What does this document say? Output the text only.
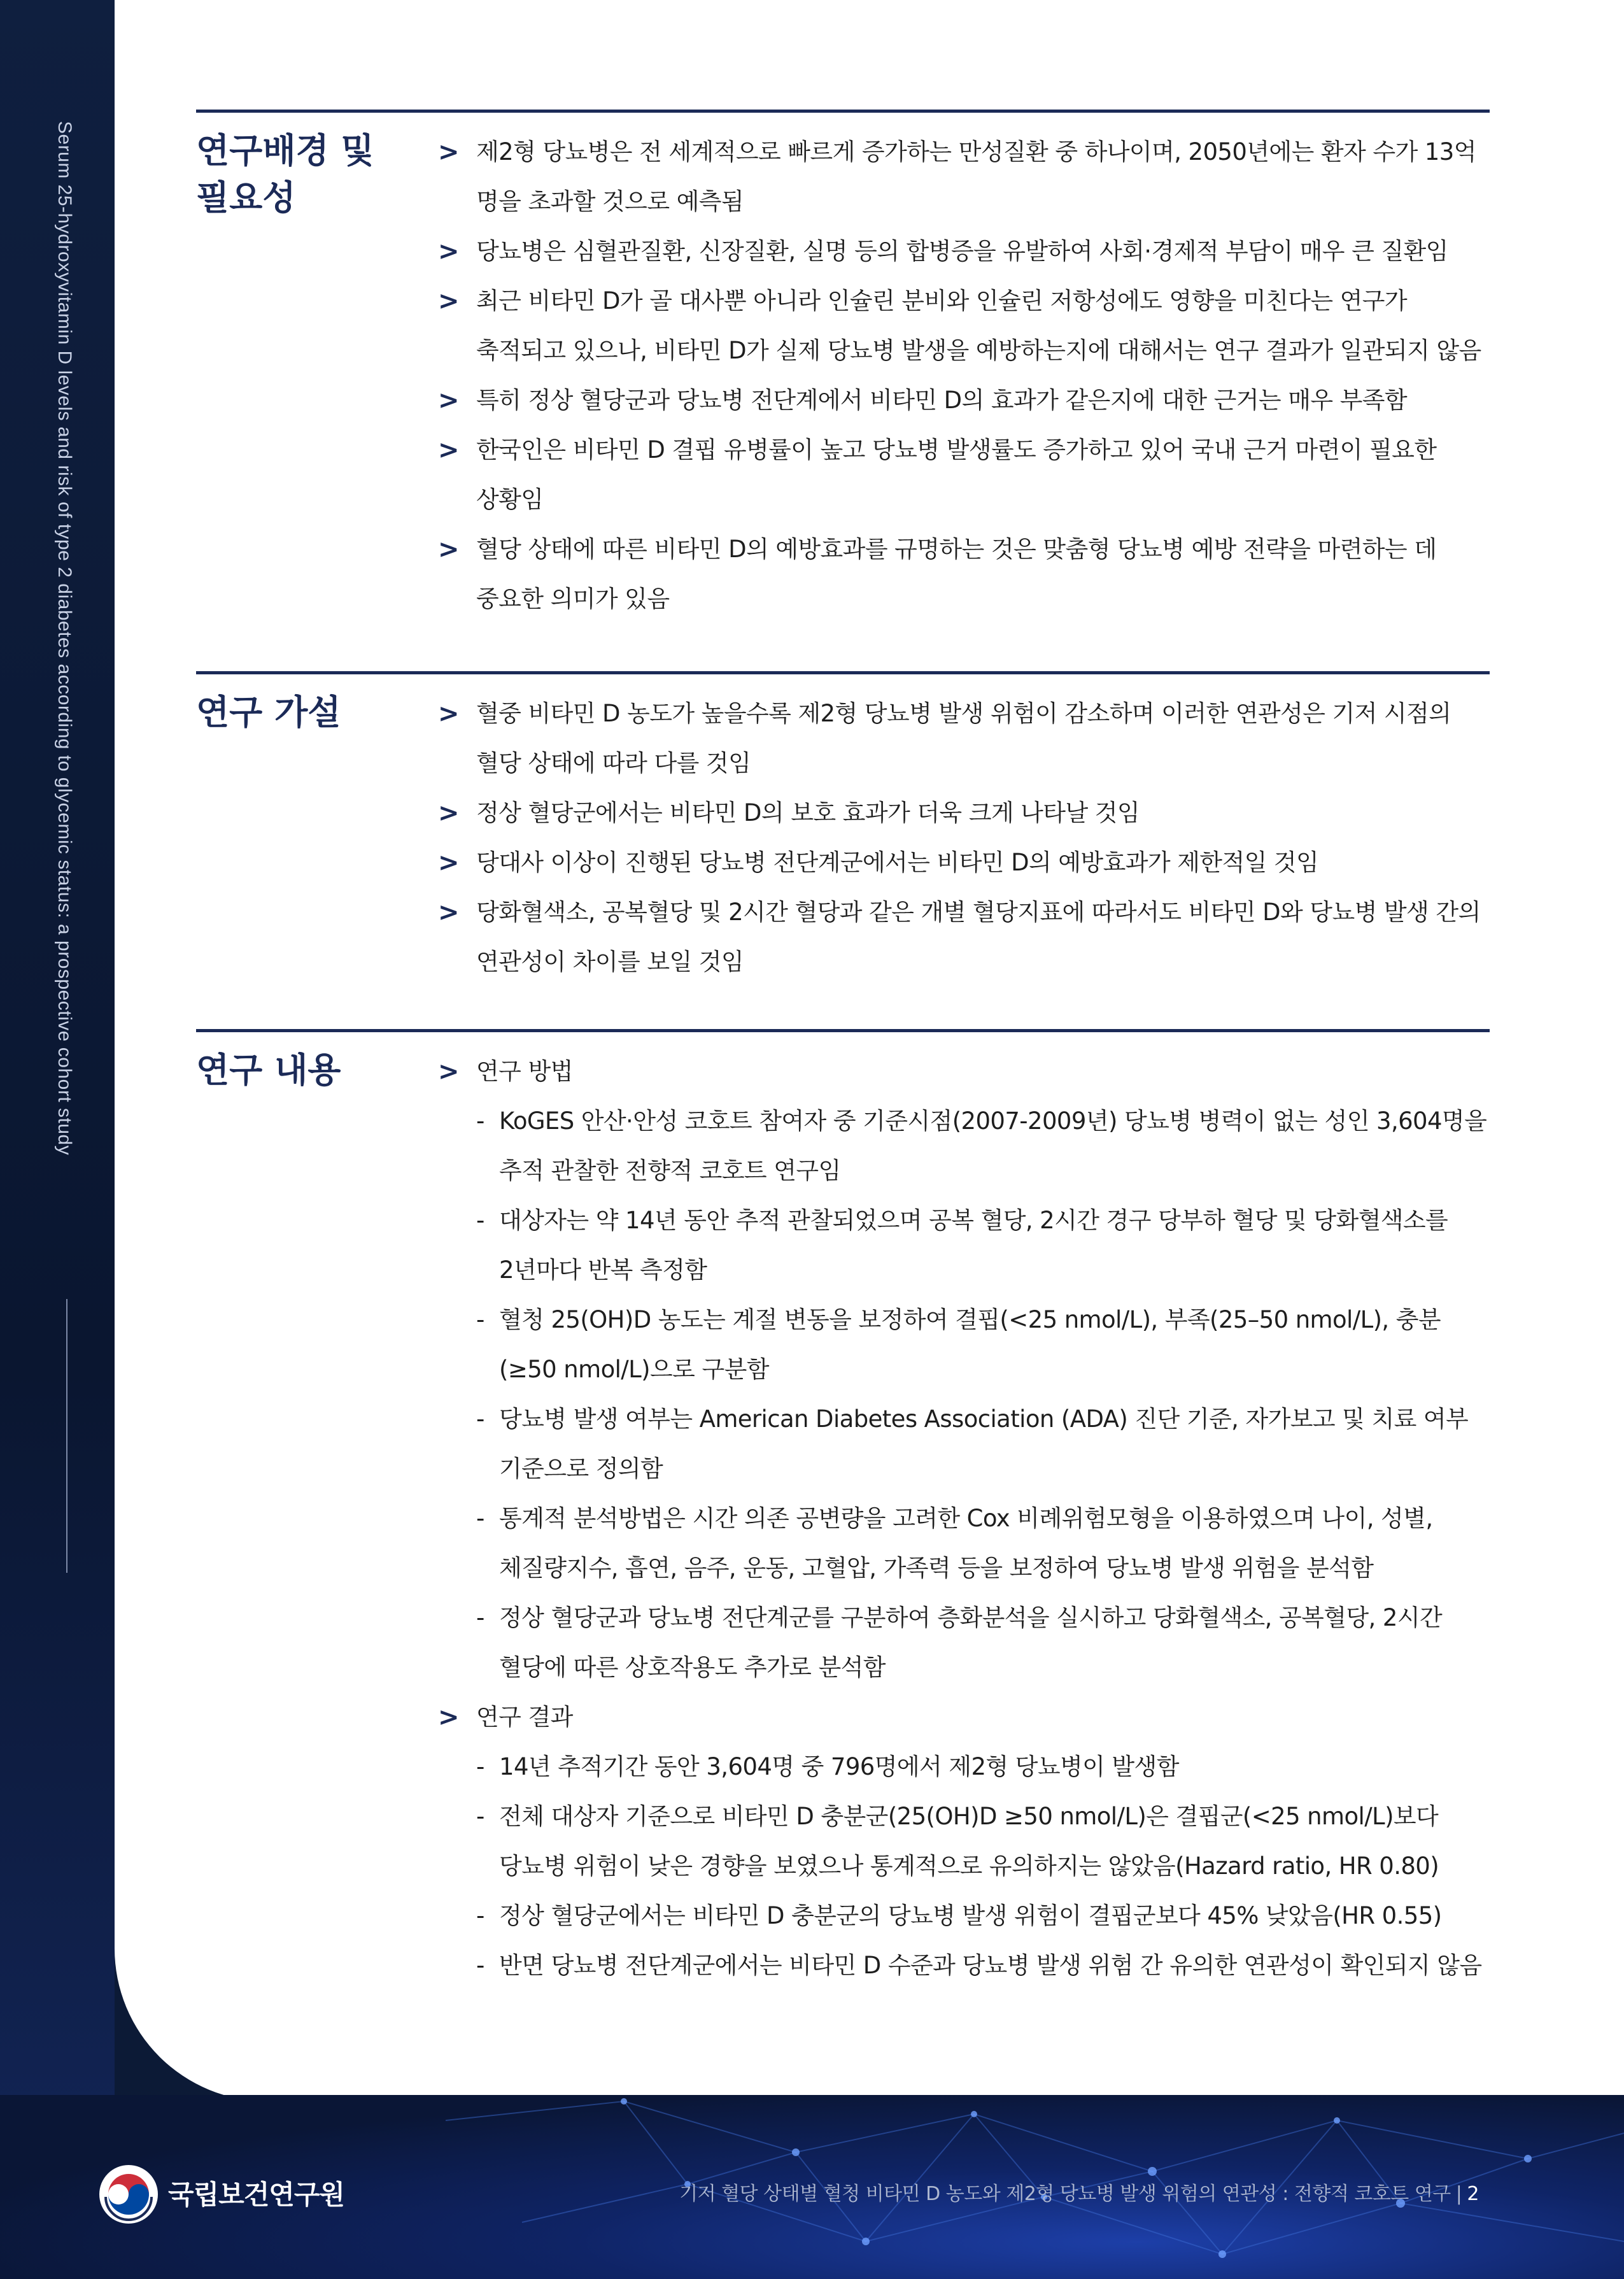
Serum 25-hydroxyvitamin D levels and risk of type 2 diabetes according to glycemic status: a prospective cohort study	연구배경 및
필요성
> 제2형 당뇨병은 전 세계적으로 빠르게 증가하는 만성질환 중 하나이며, 2050년에는 환자 수가 13억 명을 초과할 것으로 예측됨
> 당뇨병은 심혈관질환, 신장질환, 실명 등의 합병증을 유발하여 사회·경제적 부담이 매우 큰 질환임
> 최근 비타민 D가 골 대사뿐 아니라 인슐린 분비와 인슐린 저항성에도 영향을 미친다는 연구가 축적되고 있으나, 비타민 D가 실제 당뇨병 발생을 예방하는지에 대해서는 연구 결과가 일관되지 않음
> 특히 정상 혈당군과 당뇨병 전단계에서 비타민 D의 효과가 같은지에 대한 근거는 매우 부족함
> 한국인은 비타민 D 결핍 유병률이 높고 당뇨병 발생률도 증가하고 있어 국내 근거 마련이 필요한 상황임
> 혈당 상태에 따른 비타민 D의 예방효과를 규명하는 것은 맞춤형 당뇨병 예방 전략을 마련하는 데 중요한 의미가 있음
연구 가설	> 혈중 비타민 D 농도가 높을수록 제2형 당뇨병 발생 위험이 감소하며 이러한 연관성은 기저 시점의 혈당 상태에 따라 다를 것임
> 정상 혈당군에서는 비타민 D의 보호 효과가 더욱 크게 나타날 것임
> 당대사 이상이 진행된 당뇨병 전단계군에서는 비타민 D의 예방효과가 제한적일 것임
> 당화혈색소, 공복혈당 및 2시간 혈당과 같은 개별 혈당지표에 따라서도 비타민 D와 당뇨병 발생 간의 연관성이 차이를 보일 것임
연구 내용	> 연구 방법
- KoGES 안산·안성 코호트 참여자 중 기준시점(2007-2009년) 당뇨병 병력이 없는 성인 3,604명을 추적 관찰한 전향적 코호트 연구임
- 대상자는 약 14년 동안 추적 관찰되었으며 공복 혈당, 2시간 경구 당부하 혈당 및 당화혈색소를 2년마다 반복 측정함
- 혈청 25(OH)D 농도는 계절 변동을 보정하여 결핍(<25 nmol/L), 부족(25–50 nmol/L), 충분(≥50 nmol/L)으로 구분함
- 당뇨병 발생 여부는 American Diabetes Association (ADA) 진단 기준, 자가보고 및 치료 여부 기준으로 정의함
- 통계적 분석방법은 시간 의존 공변량을 고려한 Cox 비례위험모형을 이용하였으며 나이, 성별, 체질량지수, 흡연, 음주, 운동, 고혈압, 가족력 등을 보정하여 당뇨병 발생 위험을 분석함
- 정상 혈당군과 당뇨병 전단계군를 구분하여 층화분석을 실시하고 당화혈색소, 공복혈당, 2시간 혈당에 따른 상호작용도 추가로 분석함
> 연구 결과
- 14년 추적기간 동안 3,604명 중 796명에서 제2형 당뇨병이 발생함
- 전체 대상자 기준으로 비타민 D 충분군(25(OH)D ≥50 nmol/L)은 결핍군(<25 nmol/L)보다 당뇨병 위험이 낮은 경향을 보였으나 통계적으로 유의하지는 않았음(Hazard ratio, HR 0.80)
- 정상 혈당군에서는 비타민 D 충분군의 당뇨병 발생 위험이 결핍군보다 45% 낮았음(HR 0.55)
- 반면 당뇨병 전단계군에서는 비타민 D 수준과 당뇨병 발생 위험 간 유의한 연관성이 확인되지 않음
국립보건연구원	기저 혈당 상태별 혈청 비타민 D 농도와 제2형 당뇨병 발생 위험의 연관성 : 전향적 코호트 연구 | 2
